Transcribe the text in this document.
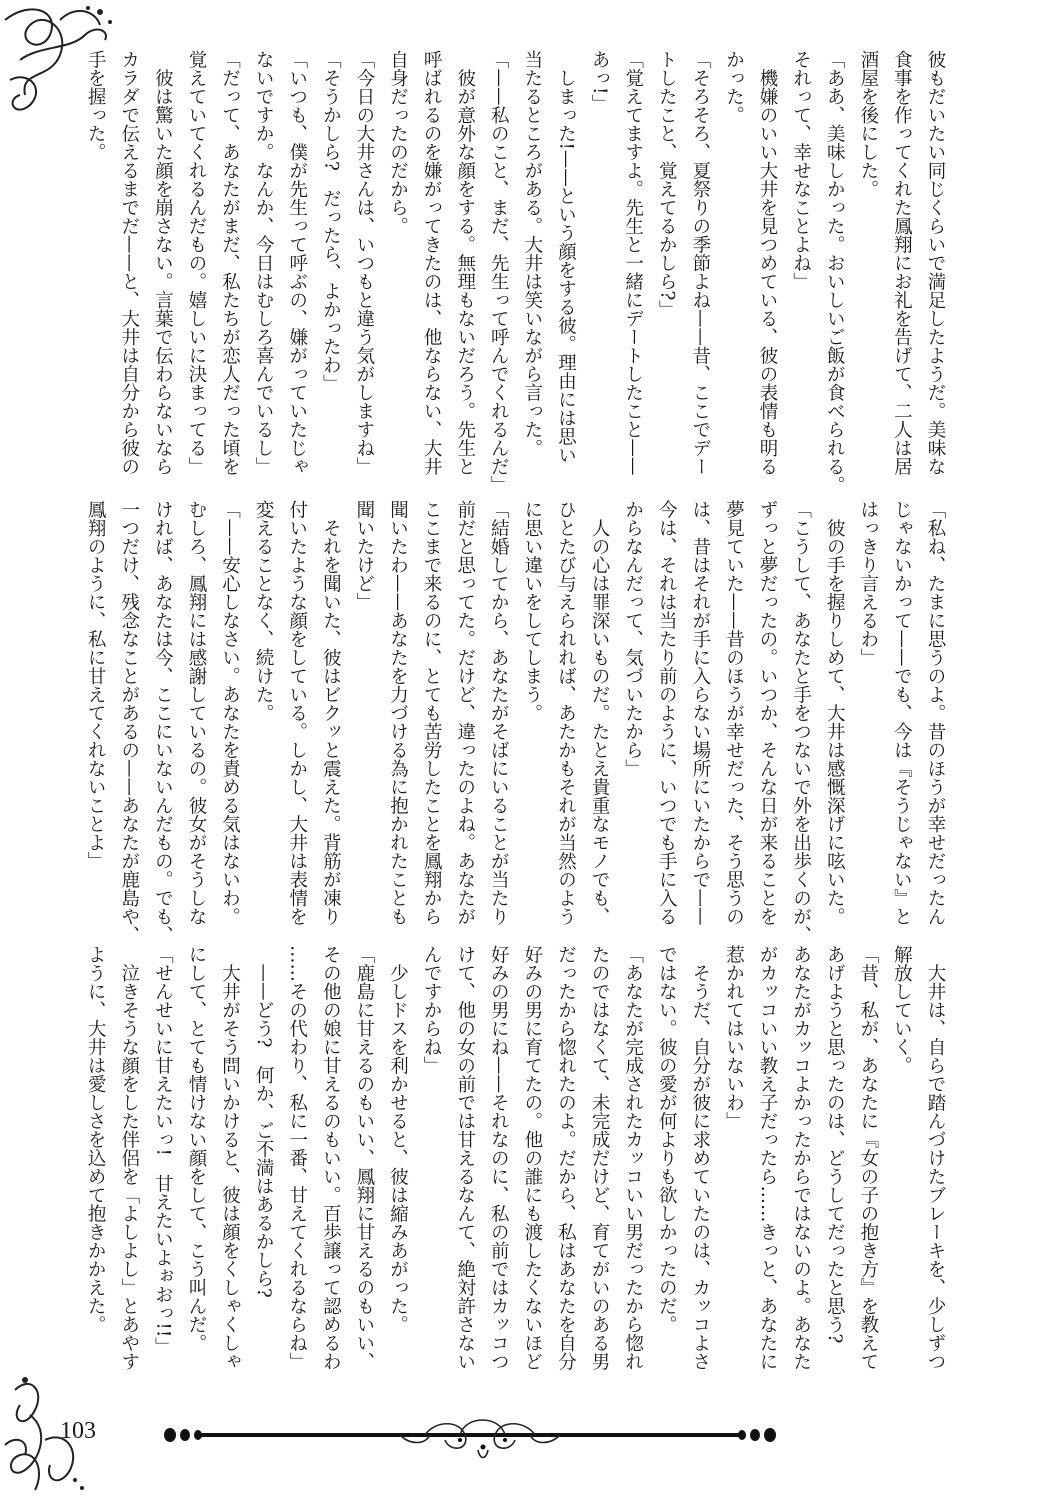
103
彼もだいたい同じくらいで満足したようだ。美味な
食事を作ってくれた鳳翔にお礼を告げて、二人は居
酒屋を後にした。
「ああ、美味しかった。おいしいご飯が食べられる。
それって、幸せなことよね」
　機嫌のいい大井を見つめている、彼の表情も明る
かった。
「そろそろ、夏祭りの季節よね——昔、ここでデー
トしたこと、覚えてるかしら?」
「覚えてますよ。先生と一緒にデートしたこと——
あっ!」
　しまった!——という顔をする彼。理由には思い
当たるところがある。大井は笑いながら言った。
「——私のこと、まだ、先生って呼んでくれるんだ」
　彼が意外な顔をする。無理もないだろう。先生と
呼ばれるのを嫌がってきたのは、他ならない、大井
自身だったのだから。
「今日の大井さんは、いつもと違う気がしますね」
「そうかしら?　だったら、よかったわ」
「いつも、僕が先生って呼ぶの、嫌がっていたじゃ
ないですか。なんか、今日はむしろ喜んでいるし」
「だって、あなたがまだ、私たちが恋人だった頃を
覚えていてくれるんだもの。嬉しいに決まってる」
　彼は驚いた顔を崩さない。言葉で伝わらないなら
カラダで伝えるまでだ——と、大井は自分から彼の
手を握った。
「私ね、たまに思うのよ。昔のほうが幸せだったん
じゃないかって——でも、今は『そうじゃない』と
はっきり言えるわ」
　彼の手を握りしめて、大井は感慨深げに呟いた。
「こうして、あなたと手をつないで外を出歩くのが、
ずっと夢だったの。いつか、そんな日が来ることを
夢見ていた——昔のほうが幸せだった、そう思うの
は、昔はそれが手に入らない場所にいたからで——
今は、それは当たり前のように、いつでも手に入る
からなんだって、気づいたから」
　人の心は罪深いものだ。たとえ貴重なモノでも、
ひとたび与えられれば、あたかもそれが当然のよう
に思い違いをしてしまう。
「結婚してから、あなたがそばにいることが当たり
前だと思ってた。だけど、違ったのよね。あなたが
ここまで来るのに、とても苦労したことを鳳翔から
聞いたわ——あなたを力づける為に抱かれたことも
聞いたけど」
　それを聞いた、彼はビクッと震えた。背筋が凍り
付いたような顔をしている。しかし、大井は表情を
変えることなく、続けた。
「——安心しなさい。あなたを責める気はないわ。
むしろ、鳳翔には感謝しているの。彼女がそうしな
ければ、あなたは今、ここにいないんだもの。でも、
一つだけ、残念なことがあるの——あなたが鹿島や、
鳳翔のように、私に甘えてくれないことよ」
　大井は、自らで踏んづけたブレーキを、少しずつ
解放していく。
「昔、私が、あなたに『女の子の抱き方』を教えて
あげようと思ったのは、どうしてだったと思う?
あなたがカッコよかったからではないのよ。あなた
がカッコいい教え子だったら……きっと、あなたに
惹かれてはいないわ」
　そうだ、自分が彼に求めていたのは、カッコよさ
ではない。彼の愛が何よりも欲しかったのだ。
「あなたが完成されたカッコいい男だったから惚れ
たのではなくて、未完成だけど、育てがいのある男
だったから惚れたのよ。だから、私はあなたを自分
好みの男に育てたの。他の誰にも渡したくないほど
好みの男にね——それなのに、私の前ではカッコつ
けて、他の女の前では甘えるなんて、絶対許さない
んですからね」
　少しドスを利かせると、彼は縮みあがった。
「鹿島に甘えるのもいい、鳳翔に甘えるのもいい、
その他の娘に甘えるのもいい。百歩譲って認めるわ
……その代わり、私に一番、甘えてくれるならね」
　——どう?　何か、ご不満はあるかしら?
　大井がそう問いかけると、彼は顔をくしゃくしゃ
にして、とても情けない顔をして、こう叫んだ。
「せんせいに甘えたいっ!　甘えたいよぉおっ!!」
　泣きそうな顔をした伴侶を「よしよし」とあやす
ように、大井は愛しさを込めて抱きかかえた。
